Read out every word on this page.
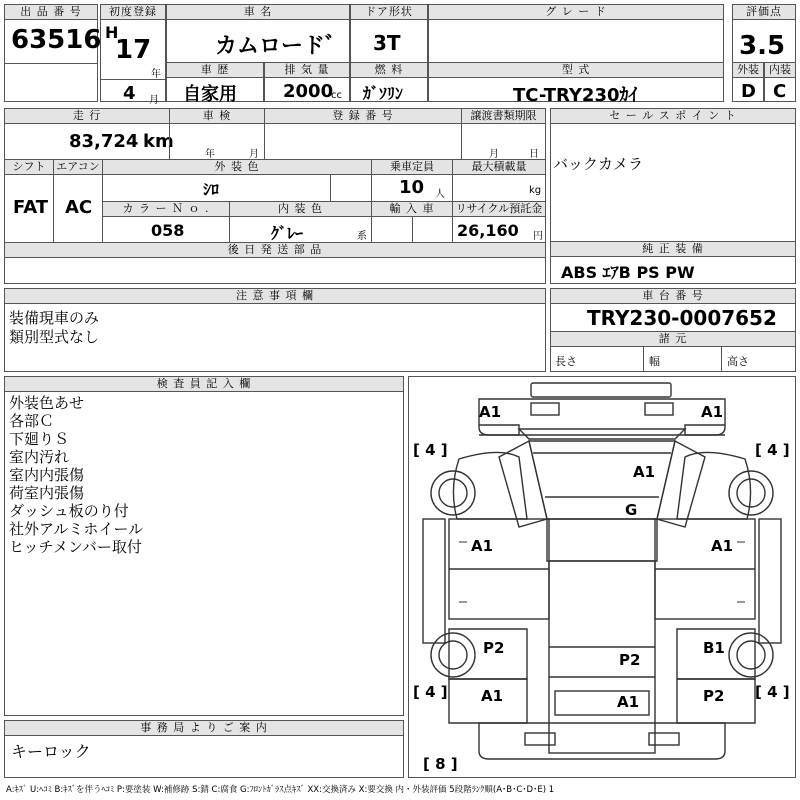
出 品 番 号
63516
初度登録
H
17
年
4 月
車 名
カムロードﾞ
ドア形状
3T
グ レ ー ド	評価点
3.5
車 歴
自家用
排 気 量
2000
cc
燃 料
ｶﾞｿﾘﾝ
型 式
TC-TRY230ｶｲ
外装
D
内装
C
走 行
83,724 km
車 検
年	月
登 録 番 号	譲渡書類期限
月	日
シフト
FAT
エアコン
AC
外 装 色
ｼﾛ
乗車定員
10 人
最大積載量
kg
カ ラ ー Ｎ ｏ .
058
内 装 色
ｸﾞﾚｰ	系
輸 入 車	リサイクル預託金
26,160 円
後 日 発 送 部 品
セ ー ル ス ポ イ ン ト
バックカメラ
純 正 装 備
ABS ｴｱB PS PW
注 意 事 項 欄
装備現車のみ
類別型式なし
車 台 番 号
TRY230-0007652
諸 元
長さ	幅	高さ
検 査 員 記 入 欄
外装色あせ
各部Ｃ
下廻りＳ
室内汚れ
室内内張傷
荷室内張傷
ダッシュ板のり付
社外アルミホイール
ヒッチメンバー取付
事 務 局 よ り ご 案 内
キーロック
A1	A1
A1
G
A1	A1
P2
P2
B1
A1	A1	P2
[ 4 ]	[ 4 ]
[ 4 ]	[ 4 ]
[ 8 ]
A:ｷｽﾞ U:ﾍｺﾐ B:ｷｽﾞを伴うﾍｺﾐ P:要塗装 W:補修跡 S:錆 C:腐食 G:ﾌﾛﾝﾄｶﾞﾗｽ点ｷｽﾞ XX:交換済み X:要交換 内・外装評価 5段階ﾗﾝｸ順(A･B･C･D･E) 1
